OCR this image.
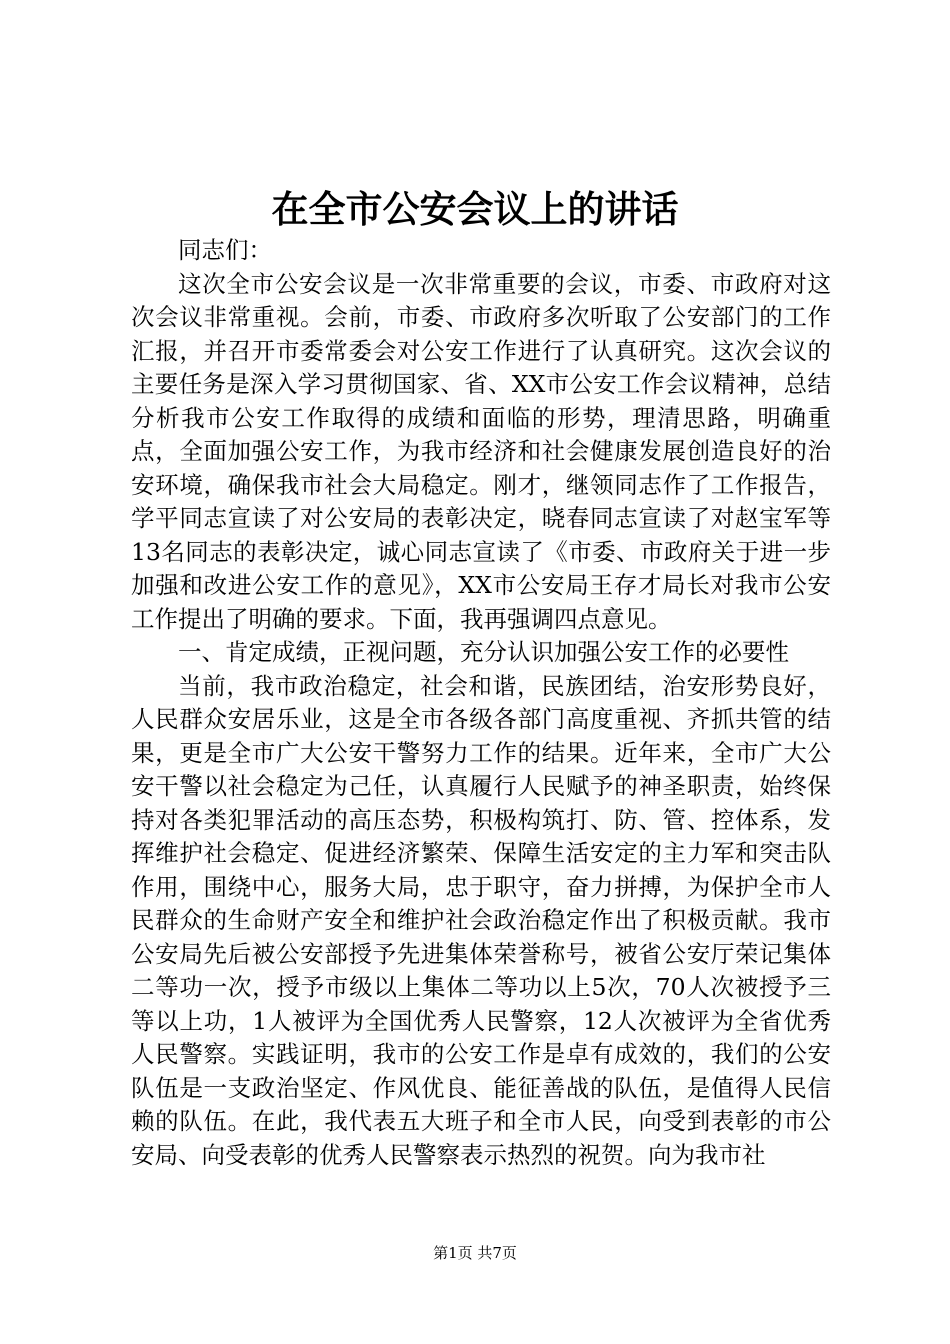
在全市公安会议上的讲话

同志们：

这次全市公安会议是一次非常重要的会议，市委、市政府对这次会议非常重视。会前，市委、市政府多次听取了公安部门的工作汇报，并召开市委常委会对公安工作进行了认真研究。这次会议的主要任务是深入学习贯彻国家、省、XX市公安工作会议精神，总结分析我市公安工作取得的成绩和面临的形势，理清思路，明确重点，全面加强公安工作，为我市经济和社会健康发展创造良好的治安环境，确保我市社会大局稳定。刚才，继领同志作了工作报告，学平同志宣读了对公安局的表彰决定，晓春同志宣读了对赵宝军等13名同志的表彰决定，诚心同志宣读了《市委、市政府关于进一步加强和改进公安工作的意见》，XX市公安局王存才局长对我市公安工作提出了明确的要求。下面，我再强调四点意见。

一、肯定成绩，正视问题，充分认识加强公安工作的必要性

当前，我市政治稳定，社会和谐，民族团结，治安形势良好，人民群众安居乐业，这是全市各级各部门高度重视、齐抓共管的结果，更是全市广大公安干警努力工作的结果。近年来，全市广大公安干警以社会稳定为己任，认真履行人民赋予的神圣职责，始终保持对各类犯罪活动的高压态势，积极构筑打、防、管、控体系，发挥维护社会稳定、促进经济繁荣、保障生活安定的主力军和突击队作用，围绕中心，服务大局，忠于职守，奋力拼搏，为保护全市人民群众的生命财产安全和维护社会政治稳定作出了积极贡献。我市公安局先后被公安部授予先进集体荣誉称号，被省公安厅荣记集体二等功一次，授予市级以上集体二等功以上5次，70人次被授予三等以上功，1人被评为全国优秀人民警察，12人次被评为全省优秀人民警察。实践证明，我市的公安工作是卓有成效的，我们的公安队伍是一支政治坚定、作风优良、能征善战的队伍，是值得人民信赖的队伍。在此，我代表五大班子和全市人民，向受到表彰的市公安局、向受表彰的优秀人民警察表示热烈的祝贺。向为我市社

第1页 共7页
